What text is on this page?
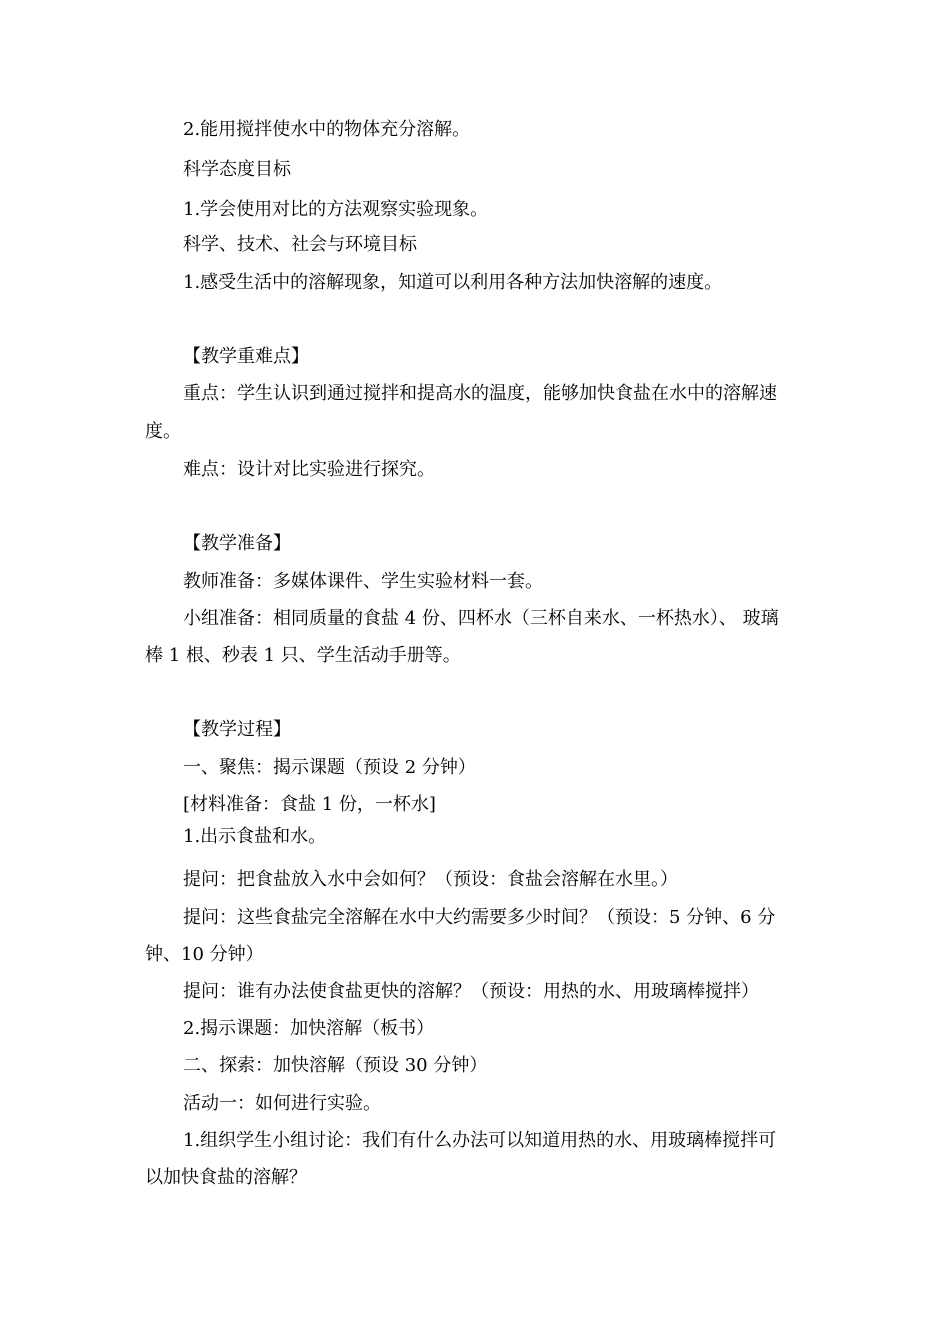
2.能用搅拌使水中的物体充分溶解。
科学态度目标
1.学会使用对比的方法观察实验现象。
科学、技术、社会与环境目标
1.感受生活中的溶解现象，知道可以利用各种方法加快溶解的速度。
【教学重难点】
重点：学生认识到通过搅拌和提高水的温度，能够加快食盐在水中的溶解速
度。
难点：设计对比实验进行探究。
【教学准备】
教师准备：多媒体课件、学生实验材料一套。
小组准备：相同质量的食盐 4 份、四杯水（三杯自来水、一杯热水）、 玻璃
棒 1 根、秒表 1 只、学生活动手册等。
【教学过程】
一、聚焦：揭示课题（预设 2 分钟）
[材料准备：食盐 1 份，一杯水]
1.出示食盐和水。
提问：把食盐放入水中会如何？（预设：食盐会溶解在水里。）
提问：这些食盐完全溶解在水中大约需要多少时间？（预设：5 分钟、6 分
钟、10 分钟）
提问：谁有办法使食盐更快的溶解？（预设：用热的水、用玻璃棒搅拌）
2.揭示课题：加快溶解（板书）
二、探索：加快溶解（预设 30 分钟）
活动一：如何进行实验。
1.组织学生小组讨论：我们有什么办法可以知道用热的水、用玻璃棒搅拌可
以加快食盐的溶解？
